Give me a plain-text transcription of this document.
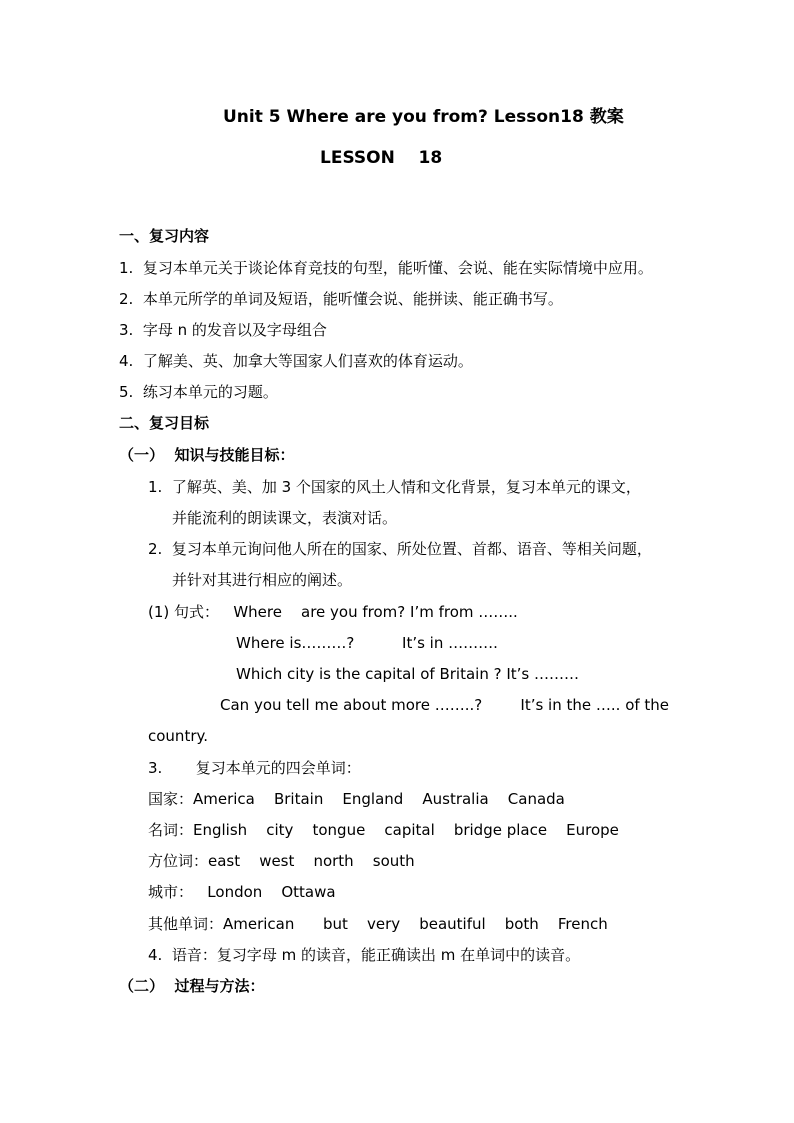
Unit 5 Where are you from? Lesson18 教案
LESSON    18
一、复习内容
1.  复习本单元关于谈论体育竞技的句型，能听懂、会说、能在实际情境中应用。
2.  本单元所学的单词及短语，能听懂会说、能拼读、能正确书写。
3.  字母 n 的发音以及字母组合
4.  了解美、英、加拿大等国家人们喜欢的体育运动。
5.  练习本单元的习题。
二、复习目标
（一）  知识与技能目标：
1.  了解英、美、加 3 个国家的风土人情和文化背景，复习本单元的课文，
并能流利的朗读课文，表演对话。
2.  复习本单元询问他人所在的国家、所处位置、首都、语音、等相关问题，
并针对其进行相应的阐述。
(1) 句式：   Where    are you from? I’m from ……..
Where is………?          It’s in ……….
Which city is the capital of Britain ? It’s ………
Can you tell me about more ……..?        It’s in the ….. of the
country.
3.       复习本单元的四会单词：
国家：America    Britain    England    Australia    Canada
名词：English    city    tongue    capital    bridge place    Europe
方位词：east    west    north    south
城市：   London    Ottawa
其他单词：American      but    very    beautiful    both    French
4.  语音：复习字母 m 的读音，能正确读出 m 在单词中的读音。
（二）  过程与方法：
